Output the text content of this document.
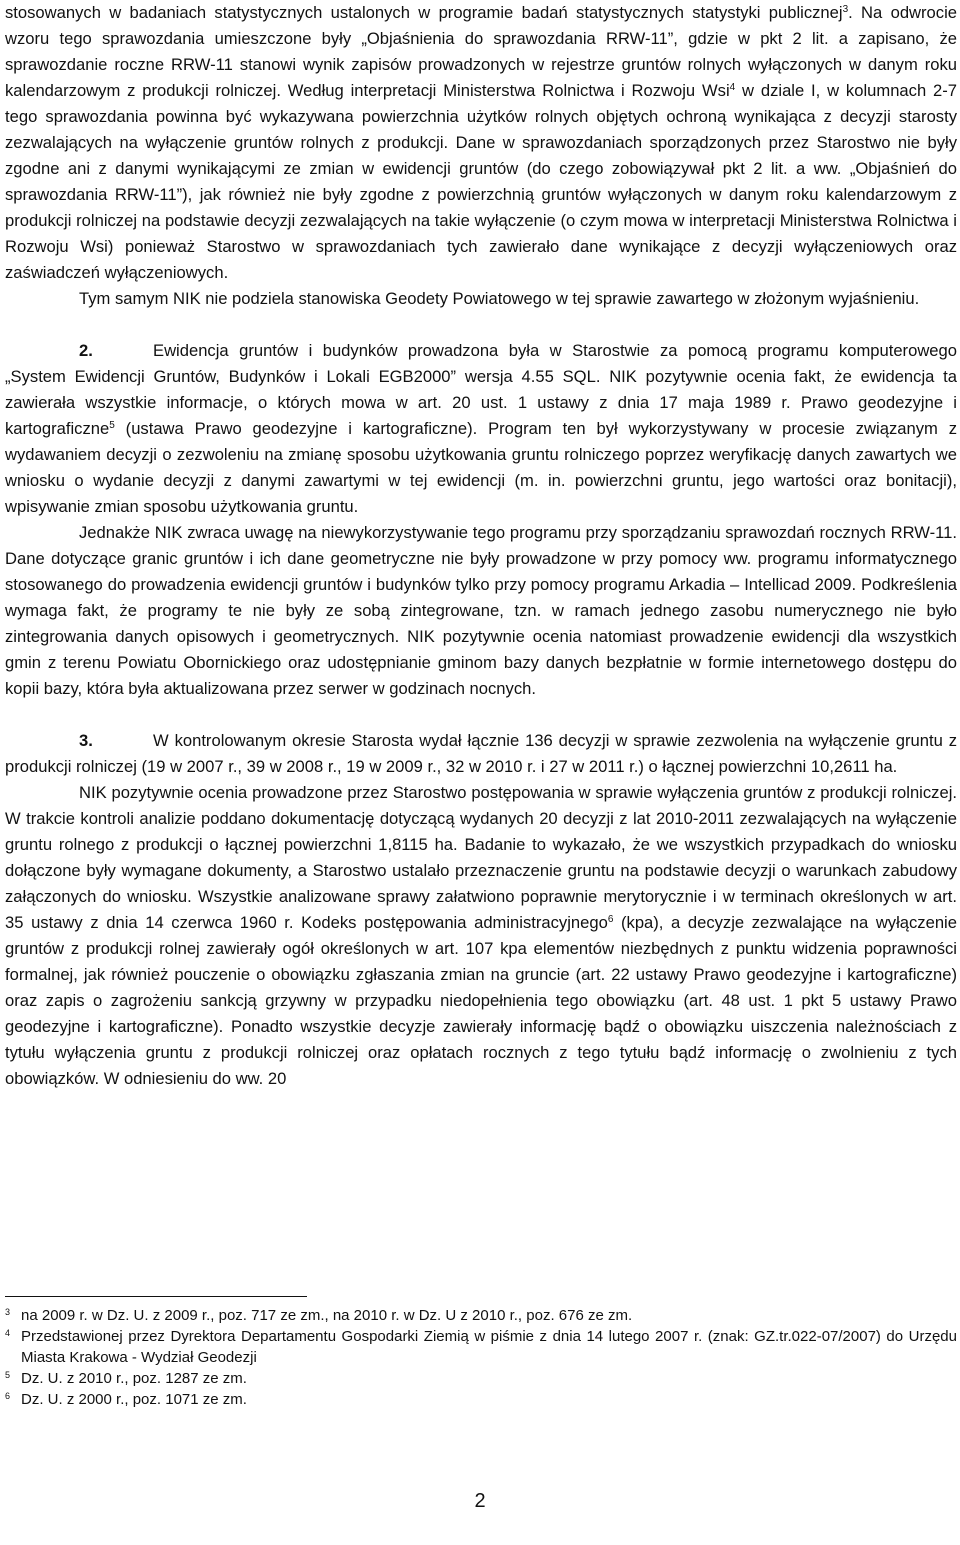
stosowanych w badaniach statystycznych ustalonych w programie badań statystycznych statystyki publicznej$^3$. Na odwrocie wzoru tego sprawozdania umieszczone były „Objaśnienia do sprawozdania RRW-11”, gdzie w pkt 2 lit. a zapisano, że sprawozdanie roczne RRW-11 stanowi wynik zapisów prowadzonych w rejestrze gruntów rolnych wyłączonych w danym roku kalendarzowym z produkcji rolniczej. Według interpretacji Ministerstwa Rolnictwa i Rozwoju Wsi$^4$ w dziale I, w kolumnach 2-7 tego sprawozdania powinna być wykazywana powierzchnia użytków rolnych objętych ochroną wynikająca z decyzji starosty zezwalających na wyłączenie gruntów rolnych z produkcji. Dane w sprawozdaniach sporządzonych przez Starostwo nie były zgodne ani z danymi wynikającymi ze zmian w ewidencji gruntów (do czego zobowiązywał pkt 2 lit. a ww. „Objaśnień do sprawozdania RRW-11”), jak również nie były zgodne z powierzchnią gruntów wyłączonych w danym roku kalendarzowym z produkcji rolniczej na podstawie decyzji zezwalających na takie wyłączenie (o czym mowa w interpretacji Ministerstwa Rolnictwa i Rozwoju Wsi) ponieważ Starostwo w sprawozdaniach tych zawierało dane wynikające z decyzji wyłączeniowych oraz zaświadczeń wyłączeniowych.

Tym samym NIK nie podziela stanowiska Geodety Powiatowego w tej sprawie zawartego w złożonym wyjaśnieniu.

2.	Ewidencja gruntów i budynków prowadzona była w Starostwie za pomocą programu komputerowego „System Ewidencji Gruntów, Budynków i Lokali EGB2000” wersja 4.55 SQL. NIK pozytywnie ocenia fakt, że ewidencja ta zawierała wszystkie informacje, o których mowa w art. 20 ust. 1 ustawy z dnia 17 maja 1989 r. Prawo geodezyjne i kartograficzne$^5$ (ustawa Prawo geodezyjne i kartograficzne). Program ten był wykorzystywany w procesie związanym z wydawaniem decyzji o zezwoleniu na zmianę sposobu użytkowania gruntu rolniczego poprzez weryfikację danych zawartych we wniosku o wydanie decyzji z danymi zawartymi w tej ewidencji (m. in. powierzchni gruntu, jego wartości oraz bonitacji), wpisywanie zmian sposobu użytkowania gruntu.

Jednakże NIK zwraca uwagę na niewykorzystywanie tego programu przy sporządzaniu sprawozdań rocznych RRW-11. Dane dotyczące granic gruntów i ich dane geometryczne nie były prowadzone w przy pomocy ww. programu informatycznego stosowanego do prowadzenia ewidencji gruntów i budynków tylko przy pomocy programu Arkadia – Intellicad 2009. Podkreślenia wymaga fakt, że programy te nie były ze sobą zintegrowane, tzn. w ramach jednego zasobu numerycznego nie było zintegrowania danych opisowych i geometrycznych. NIK pozytywnie ocenia natomiast prowadzenie ewidencji dla wszystkich gmin z terenu Powiatu Obornickiego oraz udostępnianie gminom bazy danych bezpłatnie w formie internetowego dostępu do kopii bazy, która była aktualizowana przez serwer w godzinach nocnych.

3.	W kontrolowanym okresie Starosta wydał łącznie 136 decyzji w sprawie zezwolenia na wyłączenie gruntu z produkcji rolniczej (19 w 2007 r., 39 w 2008 r., 19 w 2009 r., 32 w 2010 r. i 27 w 2011 r.) o łącznej powierzchni 10,2611 ha.

NIK pozytywnie ocenia prowadzone przez Starostwo postępowania w sprawie wyłączenia gruntów z produkcji rolniczej. W trakcie kontroli analizie poddano dokumentację dotyczącą wydanych 20 decyzji z lat 2010-2011 zezwalających na wyłączenie gruntu rolnego z produkcji o łącznej powierzchni 1,8115 ha. Badanie to wykazało, że we wszystkich przypadkach do wniosku dołączone były wymagane dokumenty, a Starostwo ustalało przeznaczenie gruntu na podstawie decyzji o warunkach zabudowy załączonych do wniosku. Wszystkie analizowane sprawy załatwiono poprawnie merytorycznie i w terminach określonych w art. 35 ustawy z dnia 14 czerwca 1960 r. Kodeks postępowania administracyjnego$^6$ (kpa), a decyzje zezwalające na wyłączenie gruntów z produkcji rolnej zawierały ogół określonych w art. 107 kpa elementów niezbędnych z punktu widzenia poprawności formalnej, jak również pouczenie o obowiązku zgłaszania zmian na gruncie (art. 22 ustawy Prawo geodezyjne i kartograficzne) oraz zapis o zagrożeniu sankcją grzywny w przypadku niedopełnienia tego obowiązku (art. 48 ust. 1 pkt 5 ustawy Prawo geodezyjne i kartograficzne). Ponadto wszystkie decyzje zawierały informację bądź o obowiązku uiszczenia należnościach z tytułu wyłączenia gruntu z produkcji rolniczej oraz opłatach rocznych z tego tytułu bądź informację o zwolnieniu z tych obowiązków. W odniesieniu do ww. 20

$^3$ na 2009 r. w Dz. U. z 2009 r., poz. 717 ze zm., na 2010 r. w Dz. U z 2010 r., poz. 676 ze zm.

$^4$ Przedstawionej przez Dyrektora Departamentu Gospodarki Ziemią w piśmie z dnia 14 lutego 2007 r. (znak: GZ.tr.022-07/2007) do Urzędu Miasta Krakowa - Wydział Geodezji

$^5$ Dz. U. z 2010 r., poz. 1287 ze zm.

$^6$ Dz. U. z 2000 r., poz. 1071 ze zm.

2
